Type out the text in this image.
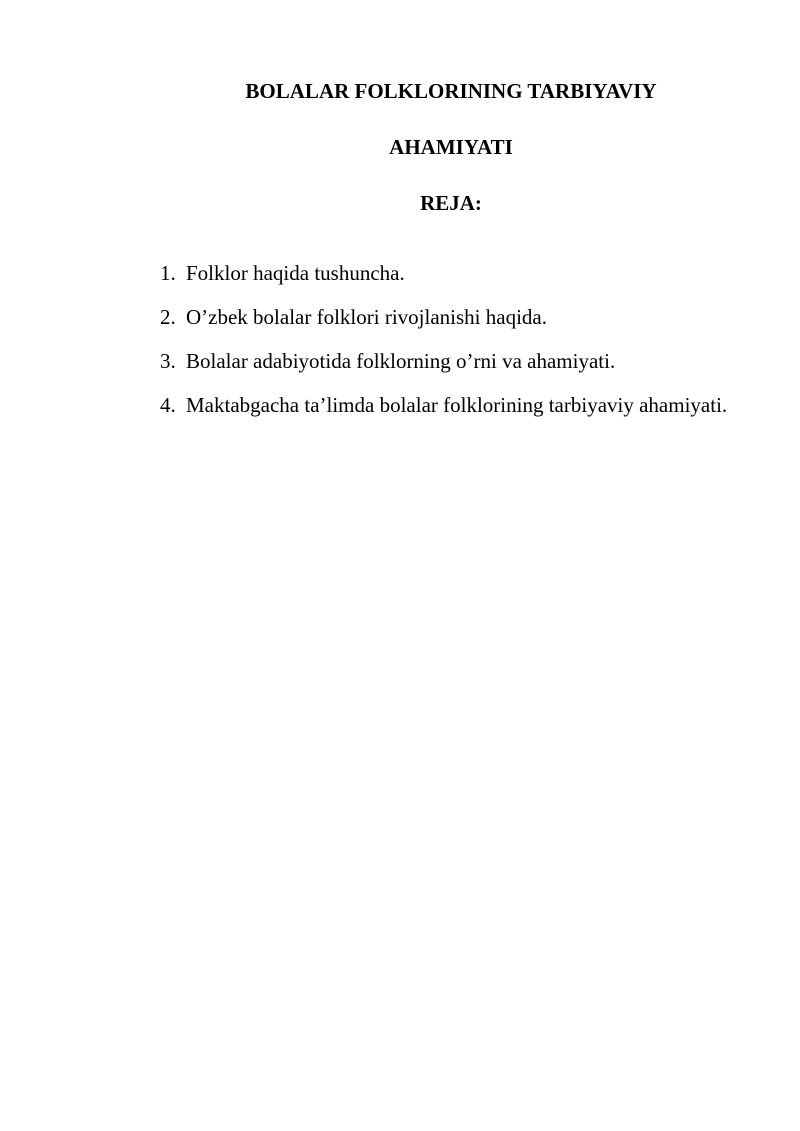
BOLALAR FOLKLORINING TARBIYAVIY
AHAMIYATI
REJA:
1. Folklor haqida tushuncha.
2. O’zbek bolalar folklori rivojlanishi haqida.
3. Bolalar adabiyotida folklorning o’rni va ahamiyati.
4. Maktabgacha ta’limda bolalar folklorining tarbiyaviy ahamiyati.
